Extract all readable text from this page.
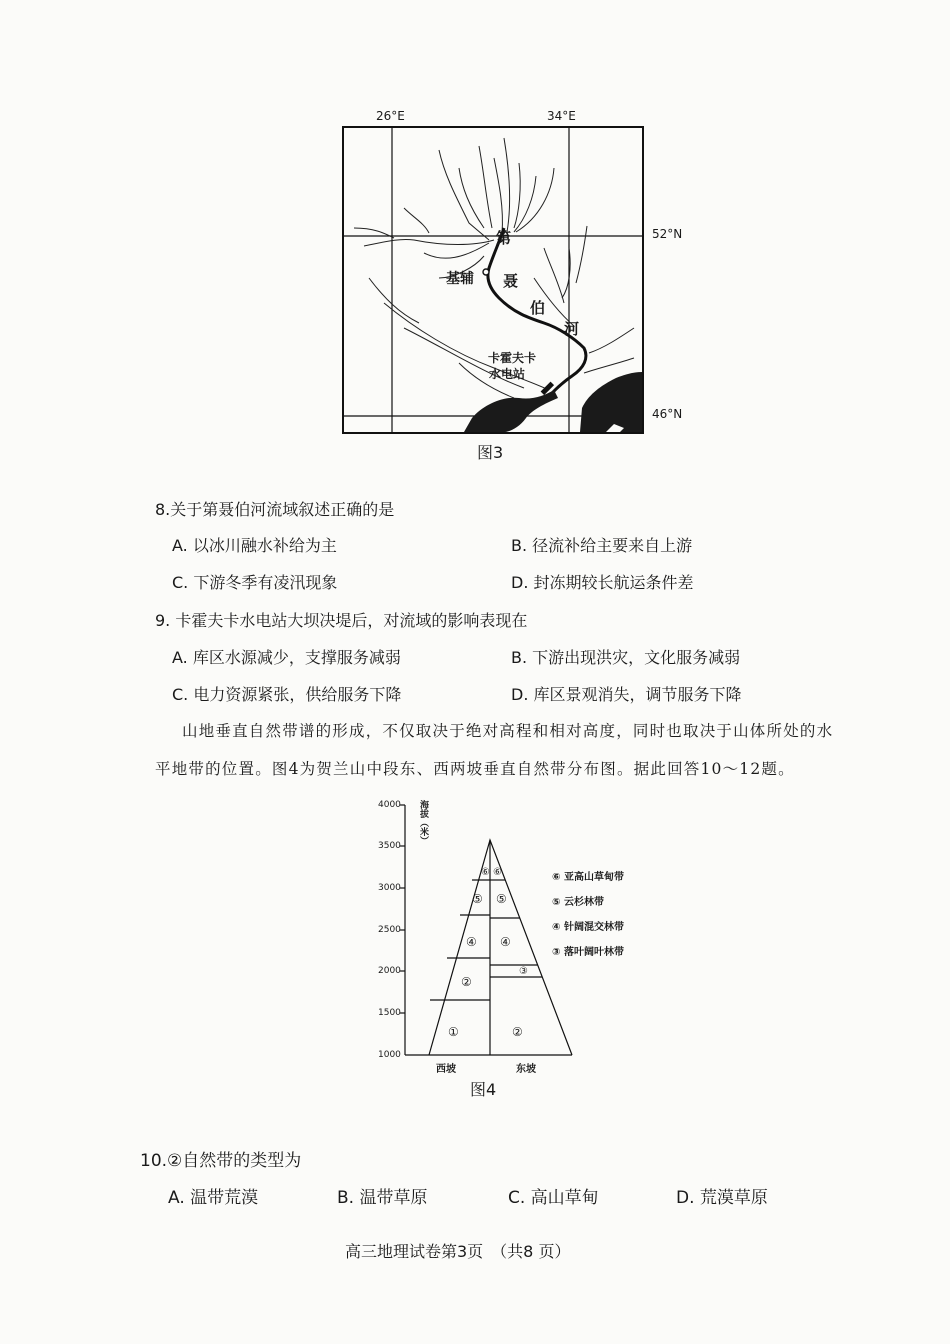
26°E	34°E
52°N
46°N
第
聂
伯
河
基辅
卡霍夫卡
水电站
图3
8.关于第聂伯河流域叙述正确的是
A. 以冰川融水补给为主	B. 径流补给主要来自上游
C. 下游冬季有凌汛现象	D. 封冻期较长航运条件差
9. 卡霍夫卡水电站大坝决堤后，对流域的影响表现在
A. 库区水源减少，支撑服务减弱	B. 下游出现洪灾，文化服务减弱
C. 电力资源紧张，供给服务下降	D. 库区景观消失，调节服务下降
山地垂直自然带谱的形成，不仅取决于绝对高程和相对高度，同时也取决于山体所处的水
平地带的位置。图4为贺兰山中段东、西两坡垂直自然带分布图。据此回答10～12题。
4000
3500
3000
2500
2000
1500
1000
海拔（米）
①
②
④
⑤
⑥
②
③
④
⑤
⑥	⑥ 亚高山草甸带
⑤ 云杉林带
④ 针阔混交林带
③ 落叶阔叶林带
西坡	东坡
图4
10.②自然带的类型为
A. 温带荒漠	B. 温带草原	C. 高山草甸	D. 荒漠草原
高三地理试卷第3页　（共8 页）
